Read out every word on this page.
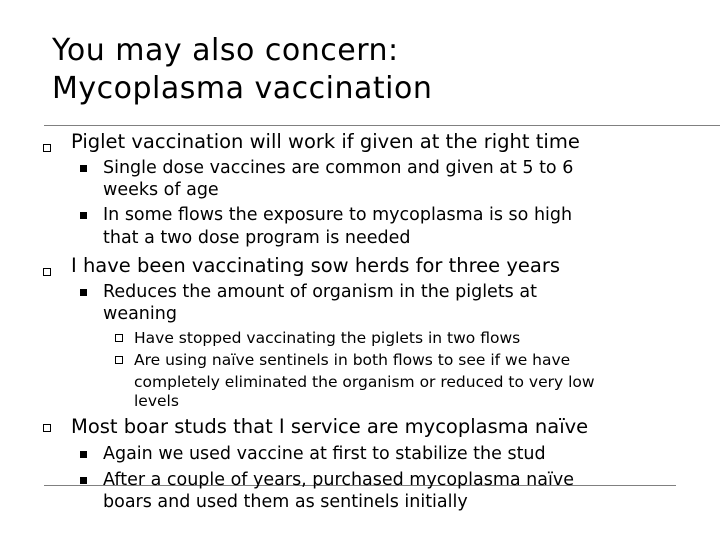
You may also concern:
Mycoplasma vaccination
Piglet vaccination will work if given at the right time
Single dose vaccines are common and given at 5 to 6
weeks of age
In some flows the exposure to mycoplasma is so high
that a two dose program is needed
I have been vaccinating sow herds for three years
Reduces the amount of organism in the piglets at
weaning
Have stopped vaccinating the piglets in two flows
Are using naïve sentinels in both flows to see if we have
completely eliminated the organism or reduced to very low
levels
Most boar studs that I service are mycoplasma naïve
Again we used vaccine at first to stabilize the stud
After a couple of years, purchased mycoplasma naïve
boars and used them as sentinels initially
